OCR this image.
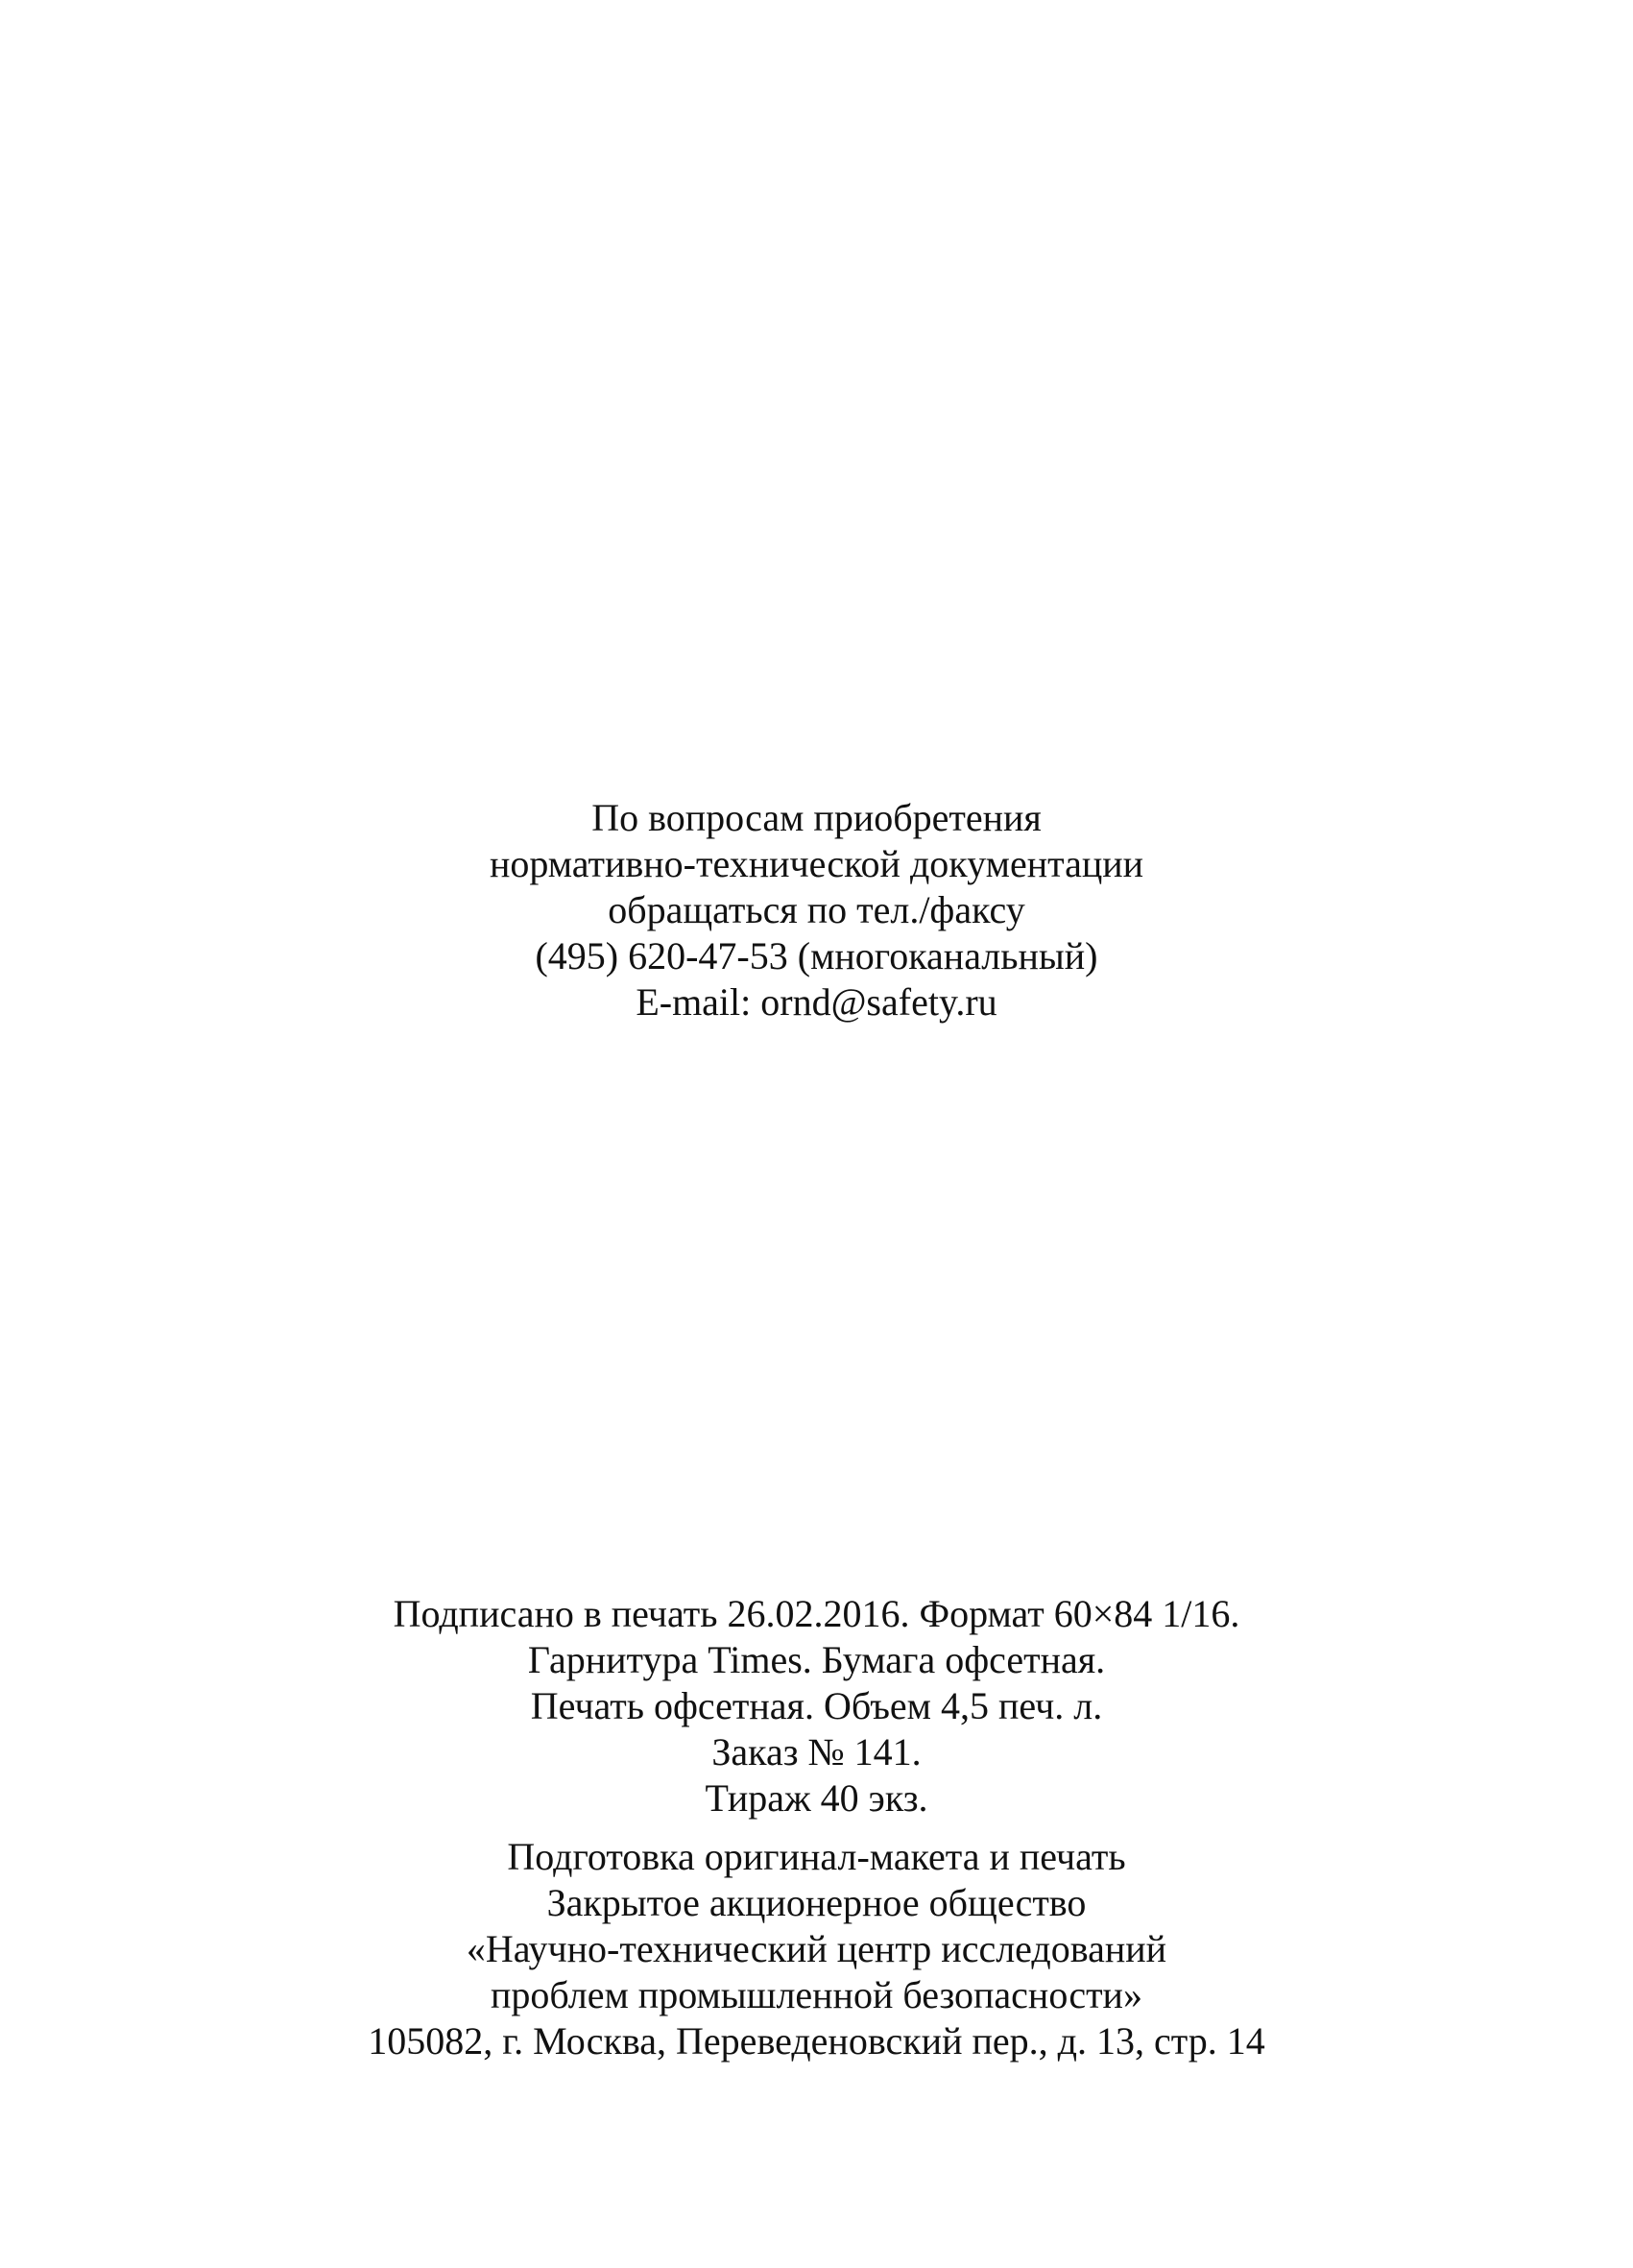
По вопросам приобретения
нормативно-технической документации
обращаться по тел./факсу
(495) 620-47-53 (многоканальный)
E-mail: ornd@safety.ru
Подписано в печать 26.02.2016. Формат 60×84 1/16.
Гарнитура Times. Бумага офсетная.
Печать офсетная. Объем 4,5 печ. л.
Заказ № 141.
Тираж 40 экз.
Подготовка оригинал-макета и печать
Закрытое акционерное общество
«Научно-технический центр исследований
проблем промышленной безопасности»
105082, г. Москва, Переведеновский пер., д. 13, стр. 14
